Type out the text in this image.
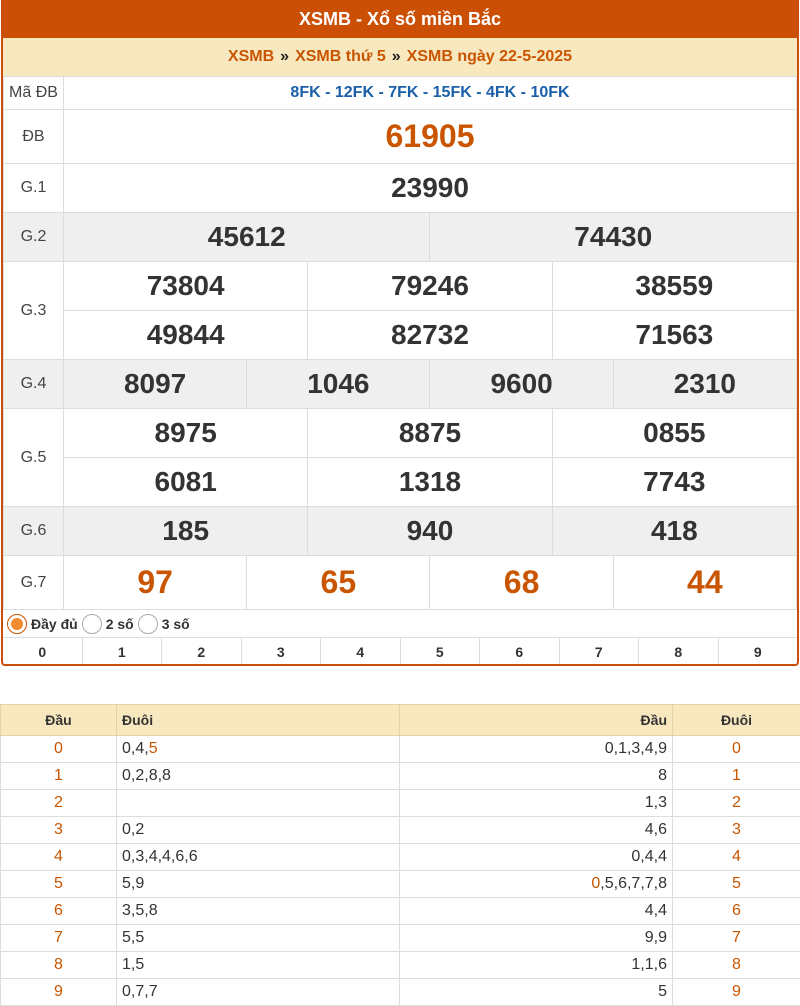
XSMB - Xổ số miền Bắc
XSMB » XSMB thứ 5 » XSMB ngày 22-5-2025
Mã ĐB	8FK - 12FK - 7FK - 15FK - 4FK - 10FK					
ĐB	61905					
G.1	23990					
G.2	45612			74430		
G.3	73804		79246		38559	
	49844		82732		71563	
G.4	8097	1046		9600		2310
G.5	8975		8875		0855	
	6081		1318		7743	
G.6	185		940		418	
G.7	97	65		68		44
Đầy đủ 2 số 3 số
0	1	2	3	4	5	6	7	8	9
Đầu	Đuôi	Đầu	Đuôi
0	0,4,5	0,1,3,4,9	0
1	0,2,8,8	8	1
2		1,3	2
3	0,2	4,6	3
4	0,3,4,4,6,6	0,4,4	4
5	5,9	0,5,6,7,7,8	5
6	3,5,8	4,4	6
7	5,5	9,9	7
8	1,5	1,1,6	8
9	0,7,7	5	9
